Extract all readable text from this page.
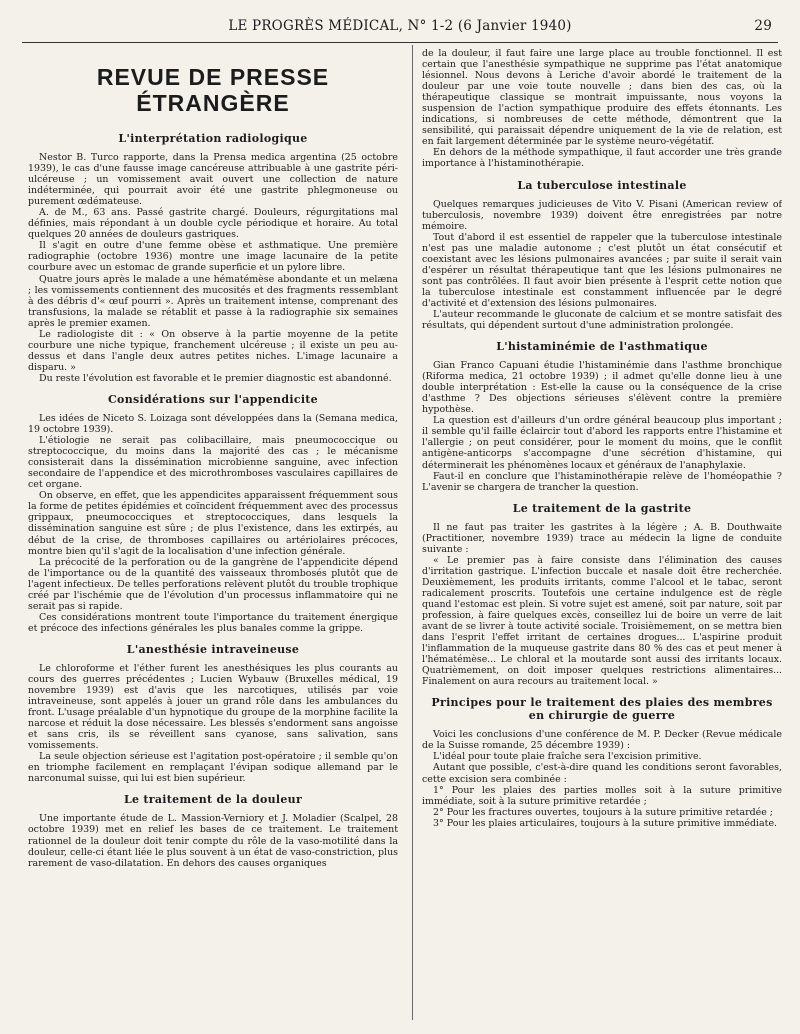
LE PROGRÈS MÉDICAL, N° 1-2 (6 Janvier 1940)	29
REVUE DE PRESSE ÉTRANGÈRE
L'interprétation radiologique

Nestor B. Turco rapporte, dans la Prensa medica argentina (25 octobre 1939), le cas d'une fausse image cancéreuse attribuable à une gastrite péri-ulcéreuse ; un vomissement avait ouvert une collection de nature indéterminée, qui pourrait avoir été une gastrite phlegmoneuse ou purement œdémateuse.

A. de M., 63 ans. Passé gastrite chargé. Douleurs, régurgitations mal définies, mais répondant à un double cycle périodique et horaire. Au total quelques 20 années de douleurs gastriques.

Il s'agit en outre d'une femme obèse et asthmatique. Une première radiographie (octobre 1936) montre une image lacunaire de la petite courbure avec un estomac de grande superficie et un pylore libre.

Quatre jours après le malade a une hématémèse abondante et un melæna ; les vomissements contiennent des mucosités et des fragments ressemblant à des débris d'« œuf pourri ». Après un traitement intense, comprenant des transfusions, la malade se rétablit et passe à la radiographie six semaines après le premier examen.

Le radiologiste dit : « On observe à la partie moyenne de la petite courbure une niche typique, franchement ulcéreuse ; il existe un peu au-dessus et dans l'angle deux autres petites niches. L'image lacunaire a disparu. »

Du reste l'évolution est favorable et le premier diagnostic est abandonné.

Considérations sur l'appendicite

Les idées de Niceto S. Loizaga sont développées dans la (Semana medica, 19 octobre 1939).

L'étiologie ne serait pas colibacillaire, mais pneumococcique ou streptococcique, du moins dans la majorité des cas ; le mécanisme consisterait dans la dissémination microbienne sanguine, avec infection secondaire de l'appendice et des microthromboses vasculaires capillaires de cet organe.

On observe, en effet, que les appendicites apparaissent fréquemment sous la forme de petites épidémies et coïncident fréquemment avec des processus grippaux, pneumococciques et streptococciques, dans lesquels la dissémination sanguine est sûre ; de plus l'existence, dans les extirpés, au début de la crise, de thromboses capillaires ou artériolaires précoces, montre bien qu'il s'agit de la localisation d'une infection générale.

La précocité de la perforation ou de la gangrène de l'appendicite dépend de l'importance ou de la quantité des vaisseaux thrombosés plutôt que de l'agent infectieux. De telles perforations relèvent plutôt du trouble trophique créé par l'ischémie que de l'évolution d'un processus inflammatoire qui ne serait pas si rapide.

Ces considérations montrent toute l'importance du traitement énergique et précoce des infections générales les plus banales comme la grippe.

L'anesthésie intraveineuse

Le chloroforme et l'éther furent les anesthésiques les plus courants au cours des guerres précédentes ; Lucien Wybauw (Bruxelles médical, 19 novembre 1939) est d'avis que les narcotiques, utilisés par voie intraveineuse, sont appelés à jouer un grand rôle dans les ambulances du front. L'usage préalable d'un hypnotique du groupe de la morphine facilite la narcose et réduit la dose nécessaire. Les blessés s'endorment sans angoisse et sans cris, ils se réveillent sans cyanose, sans salivation, sans vomissements.

La seule objection sérieuse est l'agitation post-opératoire ; il semble qu'on en triomphe facilement en remplaçant l'évipan sodique allemand par le narconumal suisse, qui lui est bien supérieur.

Le traitement de la douleur

Une importante étude de L. Massion-Verniory et J. Moladier (Scalpel, 28 octobre 1939) met en relief les bases de ce traitement. Le traitement rationnel de la douleur doit tenir compte du rôle de la vaso-motilité dans la douleur, celle-ci étant liée le plus souvent à un état de vaso-constriction, plus rarement de vaso-dilatation. En dehors des causes organiques

de la douleur, il faut faire une large place au trouble fonctionnel. Il est certain que l'anesthésie sympathique ne supprime pas l'état anatomique lésionnel. Nous devons à Leriche d'avoir abordé le traitement de la douleur par une voie toute nouvelle ; dans bien des cas, où la thérapeutique classique se montrait impuissante, nous voyons la suspension de l'action sympathique produire des effets étonnants. Les indications, si nombreuses de cette méthode, démontrent que la sensibilité, qui paraissait dépendre uniquement de la vie de relation, est en fait largement déterminée par le système neuro-végétatif.

En dehors de la méthode sympathique, il faut accorder une très grande importance à l'histaminothérapie.

La tuberculose intestinale

Quelques remarques judicieuses de Vito V. Pisani (American review of tuberculosis, novembre 1939) doivent être enregistrées par notre mémoire.

Tout d'abord il est essentiel de rappeler que la tuberculose intestinale n'est pas une maladie autonome ; c'est plutôt un état consécutif et coexistant avec les lésions pulmonaires avancées ; par suite il serait vain d'espérer un résultat thérapeutique tant que les lésions pulmonaires ne sont pas contrôlées. Il faut avoir bien présente à l'esprit cette notion que la tuberculose intestinale est constamment influencée par le degré d'activité et d'extension des lésions pulmonaires.

L'auteur recommande le gluconate de calcium et se montre satisfait des résultats, qui dépendent surtout d'une administration prolongée.

L'histaminémie de l'asthmatique

Gian Franco Capuani étudie l'histaminémie dans l'asthme bronchique (Riforma medica, 21 octobre 1939) ; il admet qu'elle donne lieu à une double interprétation : Est-elle la cause ou la conséquence de la crise d'asthme ? Des objections sérieuses s'élèvent contre la première hypothèse.

La question est d'ailleurs d'un ordre général beaucoup plus important ; il semble qu'il faille éclaircir tout d'abord les rapports entre l'histamine et l'allergie ; on peut considérer, pour le moment du moins, que le conflit antigène-anticorps s'accompagne d'une sécrétion d'histamine, qui déterminerait les phénomènes locaux et généraux de l'anaphylaxie.

Faut-il en conclure que l'histaminothérapie relève de l'homéopathie ? L'avenir se chargera de trancher la question.

Le traitement de la gastrite

Il ne faut pas traiter les gastrites à la légère ; A. B. Douthwaite (Practitioner, novembre 1939) trace au médecin la ligne de conduite suivante :

« Le premier pas à faire consiste dans l'élimination des causes d'irritation gastrique. L'infection buccale et nasale doit être recherchée. Deuxièmement, les produits irritants, comme l'alcool et le tabac, seront radicalement proscrits. Toutefois une certaine indulgence est de règle quand l'estomac est plein. Si votre sujet est amené, soit par nature, soit par profession, à faire quelques excès, conseillez lui de boire un verre de lait avant de se livrer à toute activité sociale. Troisièmement, on se mettra bien dans l'esprit l'effet irritant de certaines drogues... L'aspirine produit l'inflammation de la muqueuse gastrite dans 80 % des cas et peut mener à l'hématémèse... Le chloral et la moutarde sont aussi des irritants locaux. Quatrièmement, on doit imposer quelques restrictions alimentaires... Finalement on aura recours au traitement local. »

Principes pour le traitement des plaies des membres en chirurgie de guerre

Voici les conclusions d'une conférence de M. P. Decker (Revue médicale de la Suisse romande, 25 décembre 1939) :

L'idéal pour toute plaie fraîche sera l'excision primitive.

Autant que possible, c'est-à-dire quand les conditions seront favorables, cette excision sera combinée :

1° Pour les plaies des parties molles soit à la suture primitive immédiate, soit à la suture primitive retardée ;

2° Pour les fractures ouvertes, toujours à la suture primitive retardée ;

3° Pour les plaies articulaires, toujours à la suture primitive immédiate.
